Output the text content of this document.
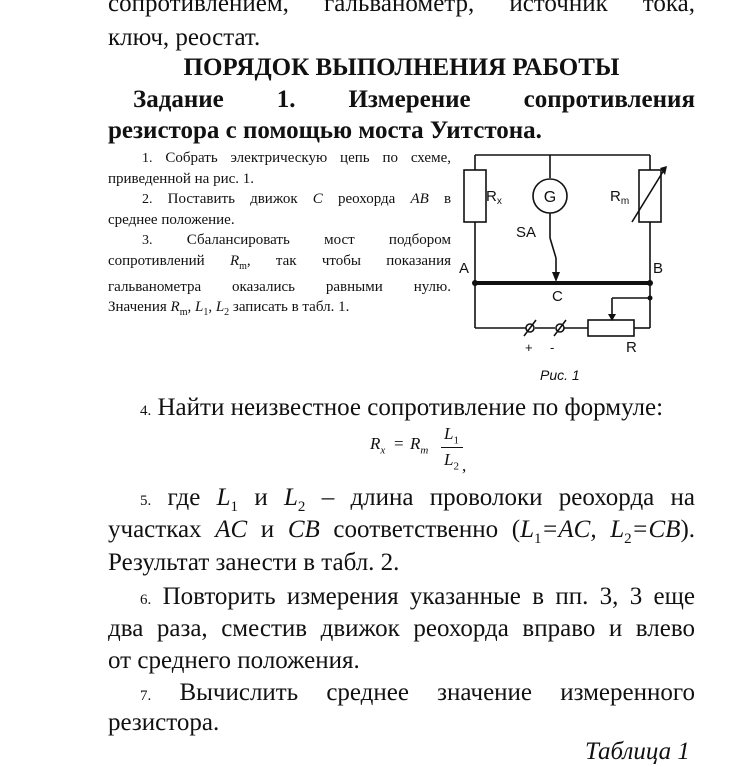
сопротивлением, гальванометр, источник тока,
ключ, реостат.
ПОРЯДОК ВЫПОЛНЕНИЯ РАБОТЫ
Задание 1. Измерение сопротивления
резистора с помощью моста Уитстона.
1. Собрать электрическую цепь по схеме,
приведенной на рис. 1.
2. Поставить движок C реохорда AB в
среднее положение.
3. Сбалансировать мост подбором
сопротивлений $R_m$, так чтобы показания
гальванометра оказались равными нулю.
Значения $R_m$, $L_1$, $L_2$ записать в табл. 1.
$R_x$	G	$R_m$
SA
A	B
C
+ -	R
Рис. 1
4. Найти неизвестное сопротивление по формуле:
$R_x = R_m$
$L_1$
$L_2$ ,
5. где $L_1$ и $L_2$ – длина проволоки реохорда на
участках AC и CB соответственно ($L_1=AC$, $L_2=CB$).
Результат занести в табл. 2.
6. Повторить измерения указанные в пп. 3, 3 еще
два раза, сместив движок реохорда вправо и влево
от среднего положения.
7. Вычислить среднее значение измеренного
резистора.
Таблица 1
